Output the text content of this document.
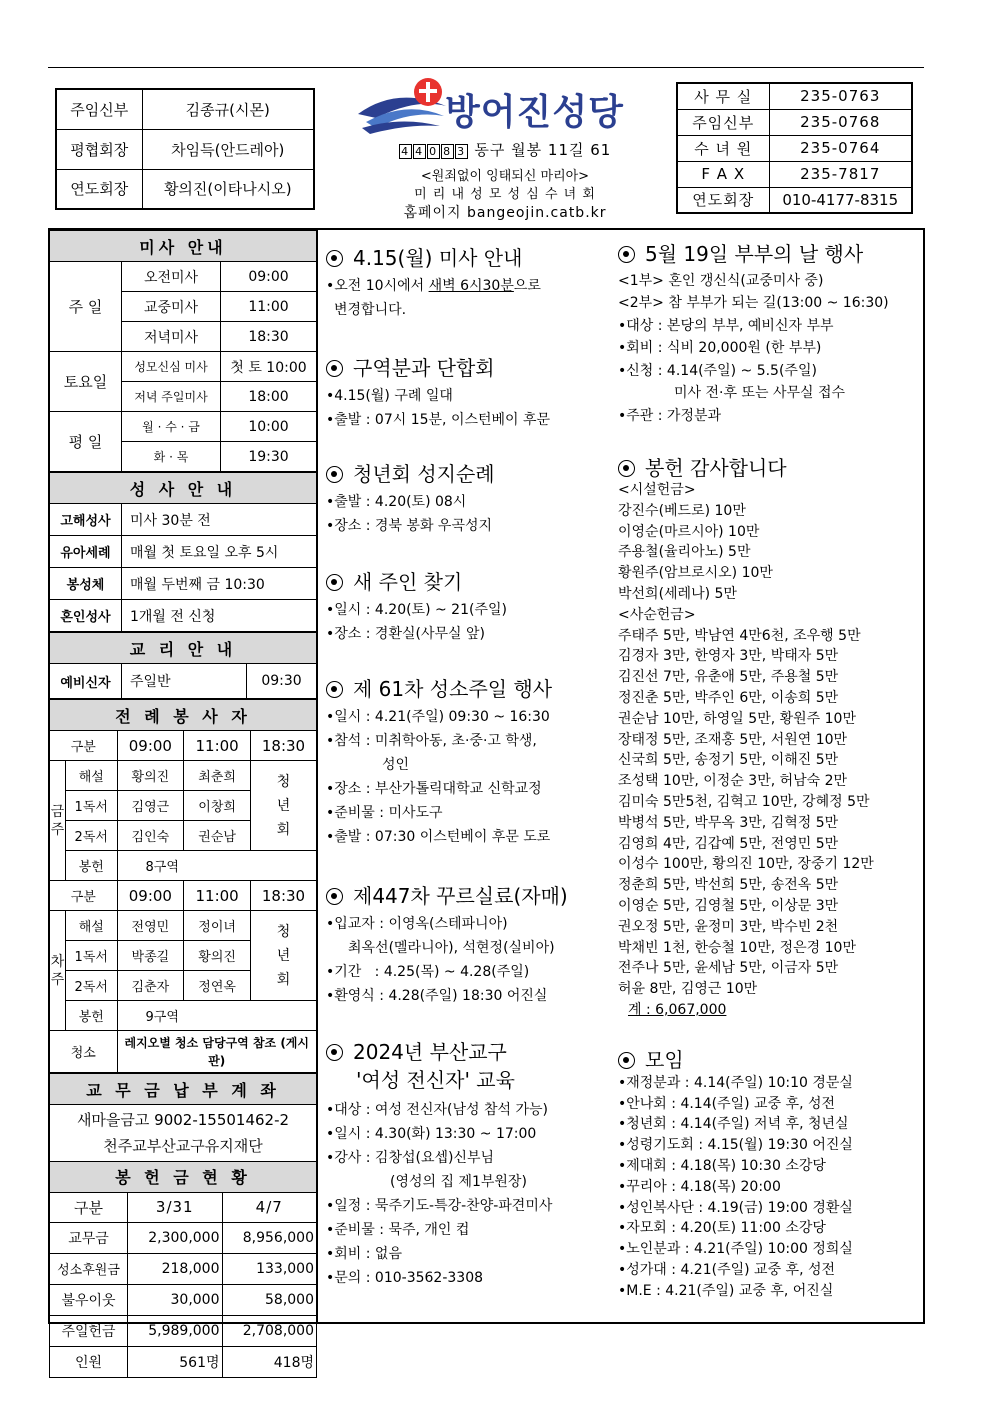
주임신부	김종규(시몬)
평협회장	차임득(안드레아)
연도회장	황의진(이타나시오)
방어진성당
4 4 0 8 3 동구 월봉 11길 61
<원죄없이 잉태되신 마리아>
미 리 내 성 모 성 심 수 녀 회
홈페이지 bangeojin.catb.kr
사 무 실	235-0763
주임신부	235-0768
수 녀 원	235-0764
F A X	235-7817
연도회장	010-4177-8315
미사 안내		
주 일	오전미사	09:00
	교중미사	11:00
	저녁미사	18:30
토요일	성모신심 미사	첫 토 10:00
	저녁 주일미사	18:00
평 일	월 · 수 · 금	10:00
	화 · 목	19:30
성 사 안 내	
고해성사	미사 30분 전
유아세례	매월 첫 토요일 오후 5시
봉성체	매월 두번째 금 10:30
혼인성사	1개월 전 신청
교 리 안 내
예비신자	주일반	09:30
전 례 봉 사 자				
구분		09:00	11:00	18:30
금주	해설	황의진	최춘희	청년회
	1독서	김영근	이창희	
	2독서	김인숙	권순남	
	봉헌	8구역		
구분		09:00	11:00	18:30
차주	해설	전영민	정이녀	청년회
	1독서	박종길	황의진	
	2독서	김춘자	정연옥	
	봉헌	9구역		
청소		레지오별 청소 담당구역 참조 (게시판)		
교 무 금 납 부 계 좌

새마을금고 9002-15501462-2
천주교부산교구유지재단
봉 헌 금 현 황		
구분	3/31	4/7
교무금	2,300,000	8,956,000
성소후원금	218,000	133,000
불우이웃	30,000	58,000
주일헌금	5,989,000	2,708,000
인원	561명	418명
4.15(월) 미사 안내
•오전 10시에서 새벽 6시30분으로
변경합니다.
구역분과 단합회
•4.15(월) 구례 일대
•출발 : 07시 15분, 이스턴베이 후문
청년회 성지순례
•출발 : 4.20(토) 08시
•장소 : 경북 봉화 우곡성지
새 주인 찾기
•일시 : 4.20(토) ~ 21(주일)
•장소 : 경환실(사무실 앞)
제 61차 성소주일 행사
•일시 : 4.21(주일) 09:30 ~ 16:30
•참석 : 미취학아동, 초·중·고 학생,
성인
•장소 : 부산가톨릭대학교 신학교정
•준비물 : 미사도구
•출발 : 07:30 이스턴베이 후문 도로
제447차 꾸르실료(자매)
•입교자 : 이영옥(스테파니아)
최옥선(멜라니아), 석현정(실비아)
•기간   : 4.25(목) ~ 4.28(주일)
•환영식 : 4.28(주일) 18:30 어진실
2024년 부산교구
'여성 전신자' 교육
•대상 : 여성 전신자(남성 참석 가능)
•일시 : 4.30(화) 13:30 ~ 17:00
•강사 : 김창섭(요셉)신부님
(영성의 집 제1부원장)
•일정 : 묵주기도-특강-찬양-파견미사
•준비물 : 묵주, 개인 컵
•회비 : 없음
•문의 : 010-3562-3308
5월 19일 부부의 날 행사
<1부> 혼인 갱신식(교중미사 중)
<2부> 참 부부가 되는 길(13:00 ~ 16:30)
•대상 : 본당의 부부, 예비신자 부부
•회비 : 식비 20,000원 (한 부부)
•신청 : 4.14(주일) ~ 5.5(주일)
미사 전·후 또는 사무실 접수
•주관 : 가정분과
봉헌 감사합니다
<시설헌금>
강진수(베드로) 10만
이영순(마르시아) 10만
주용철(율리아노) 5만
황원주(암브로시오) 10만
박선희(세레나) 5만
<사순헌금>
주태주 5만, 박남연 4만6천, 조우행 5만
김경자 3만, 한영자 3만, 박태자 5만
김진선 7만, 유춘애 5만, 주용철 5만
정진춘 5만, 박주인 6만, 이송희 5만
권순남 10만, 하영일 5만, 황원주 10만
장태정 5만, 조재홍 5만, 서원연 10만
신국희 5만, 송정기 5만, 이해진 5만
조성택 10만, 이정순 3만, 허남숙 2만
김미숙 5만5천, 김혁고 10만, 강혜정 5만
박병석 5만, 박무옥 3만, 김혁정 5만
김영희 4만, 김갑예 5만, 전영민 5만
이성수 100만, 황의진 10만, 장중기 12만
정춘희 5만, 박선희 5만, 송전옥 5만
이영순 5만, 김영철 5만, 이상문 3만
권오정 5만, 윤정미 3만, 박수빈 2천
박채빈 1천, 한승철 10만, 정은경 10만
전주나 5만, 윤세남 5만, 이금자 5만
허윤 8만, 김영근 10만
계 : 6,067,000
모임
•재정분과 : 4.14(주일) 10:10 경문실
•안나회 : 4.14(주일) 교중 후, 성전
•청년회 : 4.14(주일) 저녁 후, 청년실
•성령기도회 : 4.15(월) 19:30 어진실
•제대회 : 4.18(목) 10:30 소강당
•꾸리아 : 4.18(목) 20:00
•성인복사단 : 4.19(금) 19:00 경환실
•자모회 : 4.20(토) 11:00 소강당
•노인분과 : 4.21(주일) 10:00 정희실
•성가대 : 4.21(주일) 교중 후, 성전
•M.E : 4.21(주일) 교중 후, 어진실
